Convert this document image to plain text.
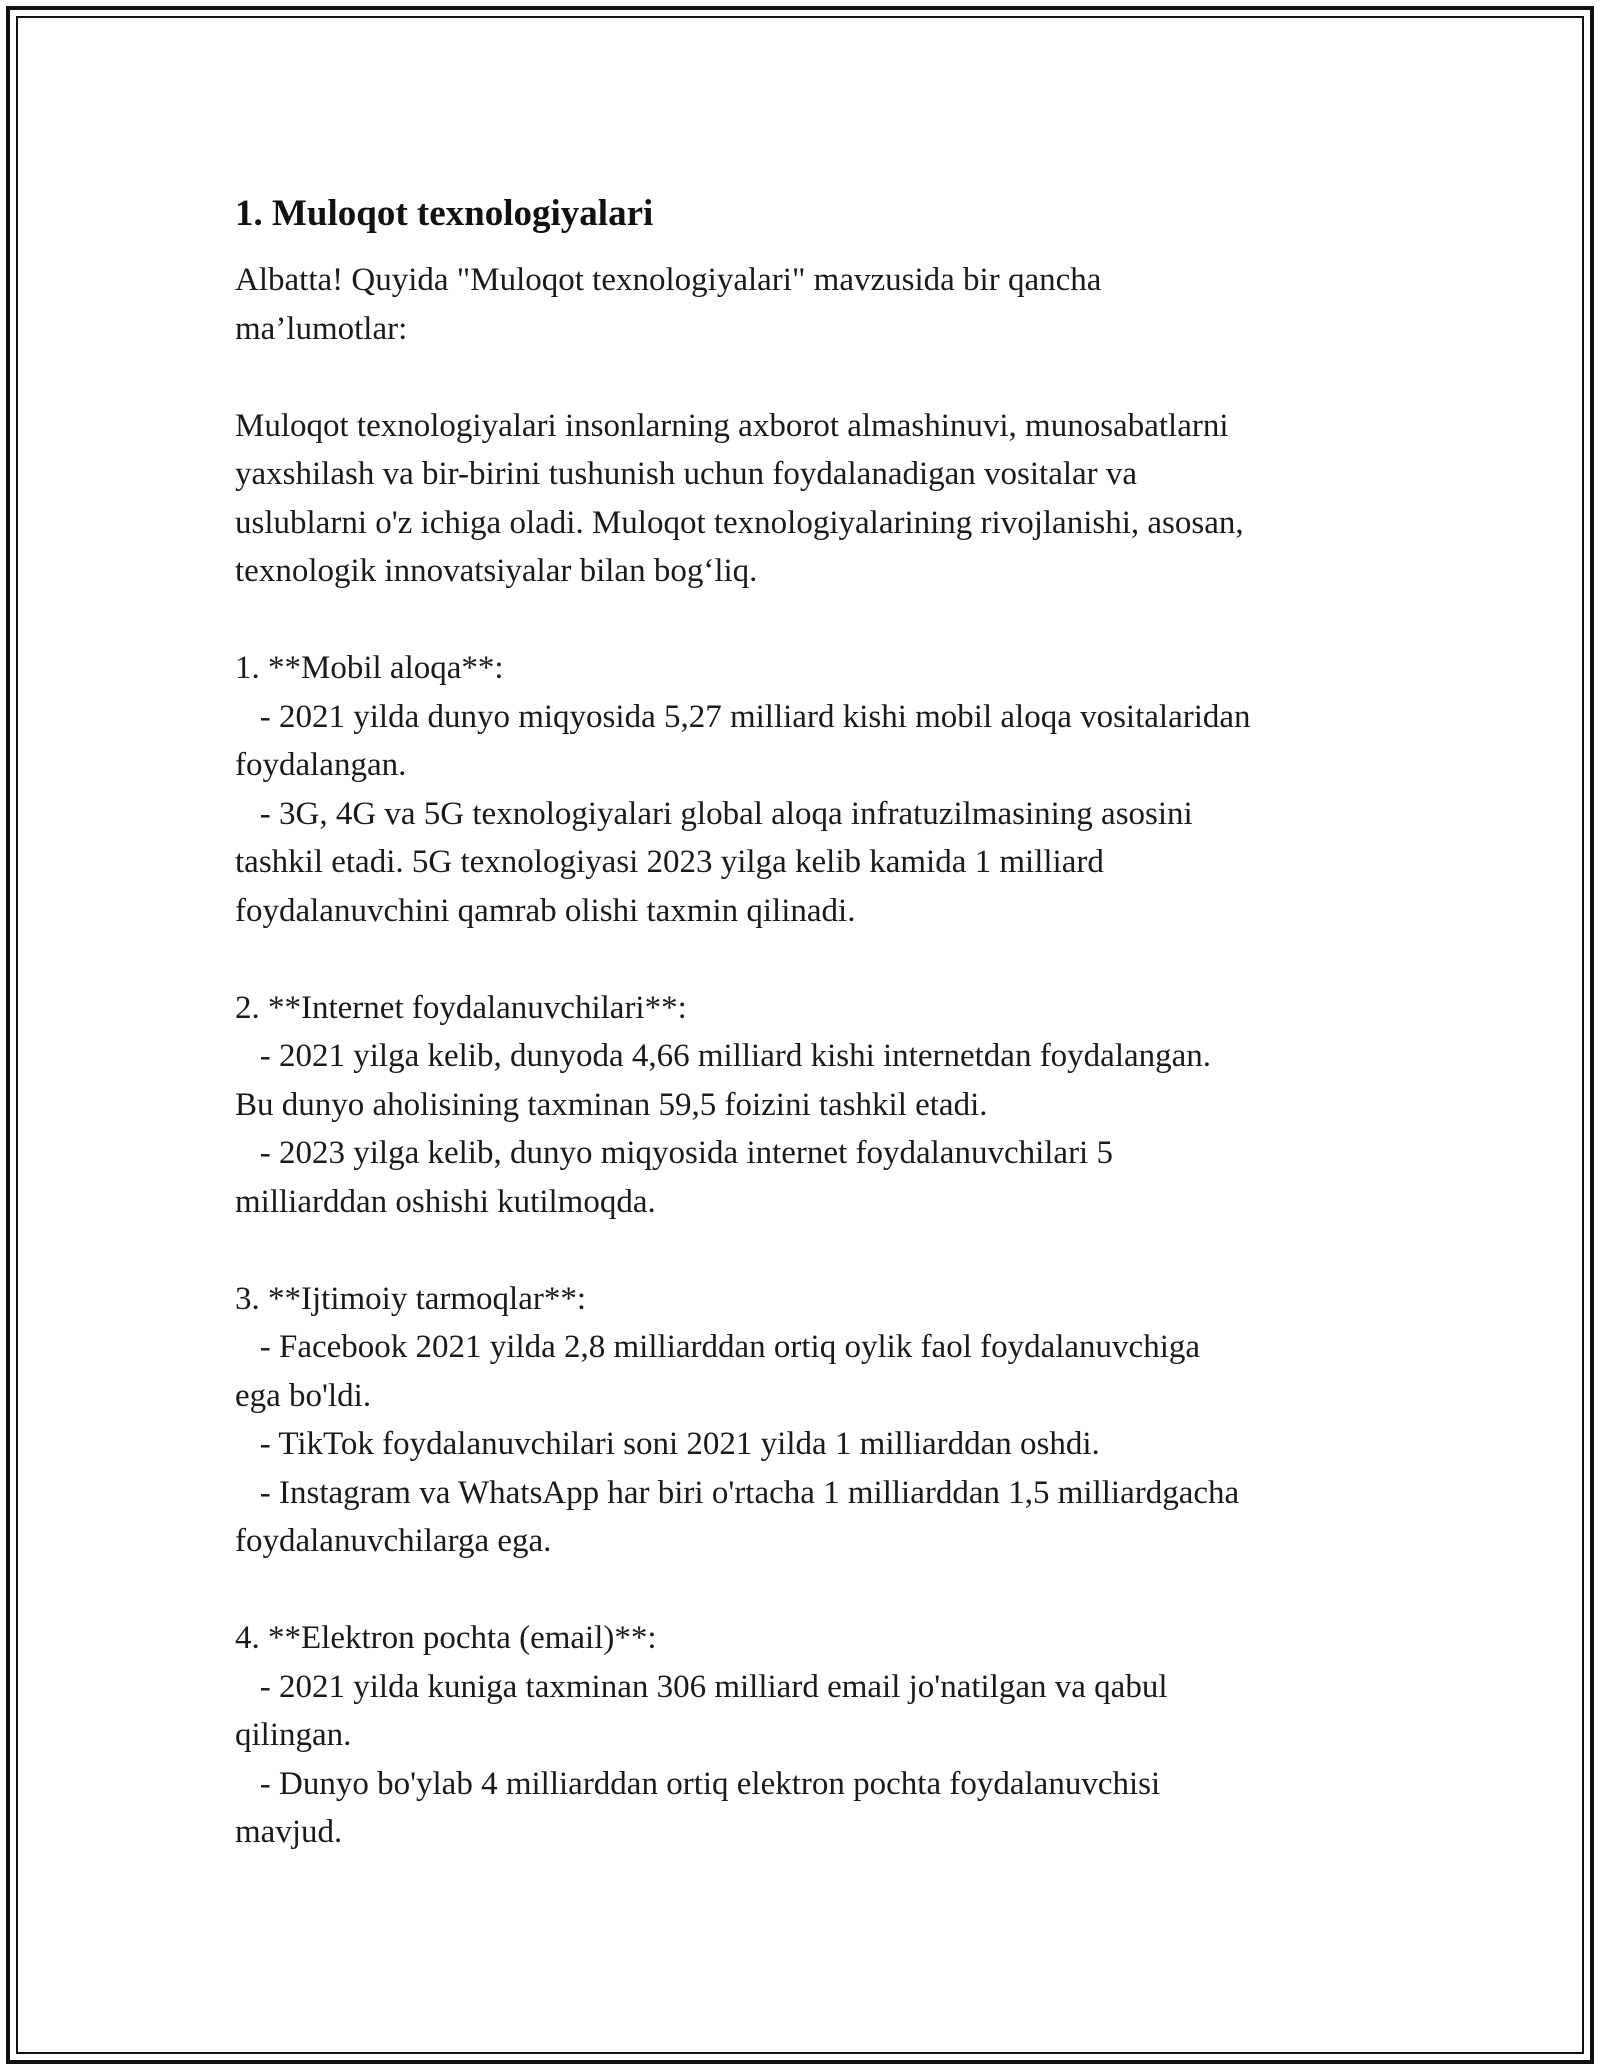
1. Muloqot texnologiyalari

Albatta! Quyida "Muloqot texnologiyalari" mavzusida bir qancha
ma’lumotlar:

Muloqot texnologiyalari insonlarning axborot almashinuvi, munosabatlarni
yaxshilash va bir-birini tushunish uchun foydalanadigan vositalar va
uslublarni o'z ichiga oladi. Muloqot texnologiyalarining rivojlanishi, asosan,
texnologik innovatsiyalar bilan bog‘liq.

1. **Mobil aloqa**:

- 2021 yilda dunyo miqyosida 5,27 milliard kishi mobil aloqa vositalaridan
foydalangan.

- 3G, 4G va 5G texnologiyalari global aloqa infratuzilmasining asosini
tashkil etadi. 5G texnologiyasi 2023 yilga kelib kamida 1 milliard
foydalanuvchini qamrab olishi taxmin qilinadi.

2. **Internet foydalanuvchilari**:

- 2021 yilga kelib, dunyoda 4,66 milliard kishi internetdan foydalangan.
Bu dunyo aholisining taxminan 59,5 foizini tashkil etadi.

- 2023 yilga kelib, dunyo miqyosida internet foydalanuvchilari 5
milliarddan oshishi kutilmoqda.

3. **Ijtimoiy tarmoqlar**:

- Facebook 2021 yilda 2,8 milliarddan ortiq oylik faol foydalanuvchiga
ega bo'ldi.

- TikTok foydalanuvchilari soni 2021 yilda 1 milliarddan oshdi.

- Instagram va WhatsApp har biri o'rtacha 1 milliarddan 1,5 milliardgacha
foydalanuvchilarga ega.

4. **Elektron pochta (email)**:

- 2021 yilda kuniga taxminan 306 milliard email jo'natilgan va qabul
qilingan.

- Dunyo bo'ylab 4 milliarddan ortiq elektron pochta foydalanuvchisi
mavjud.
